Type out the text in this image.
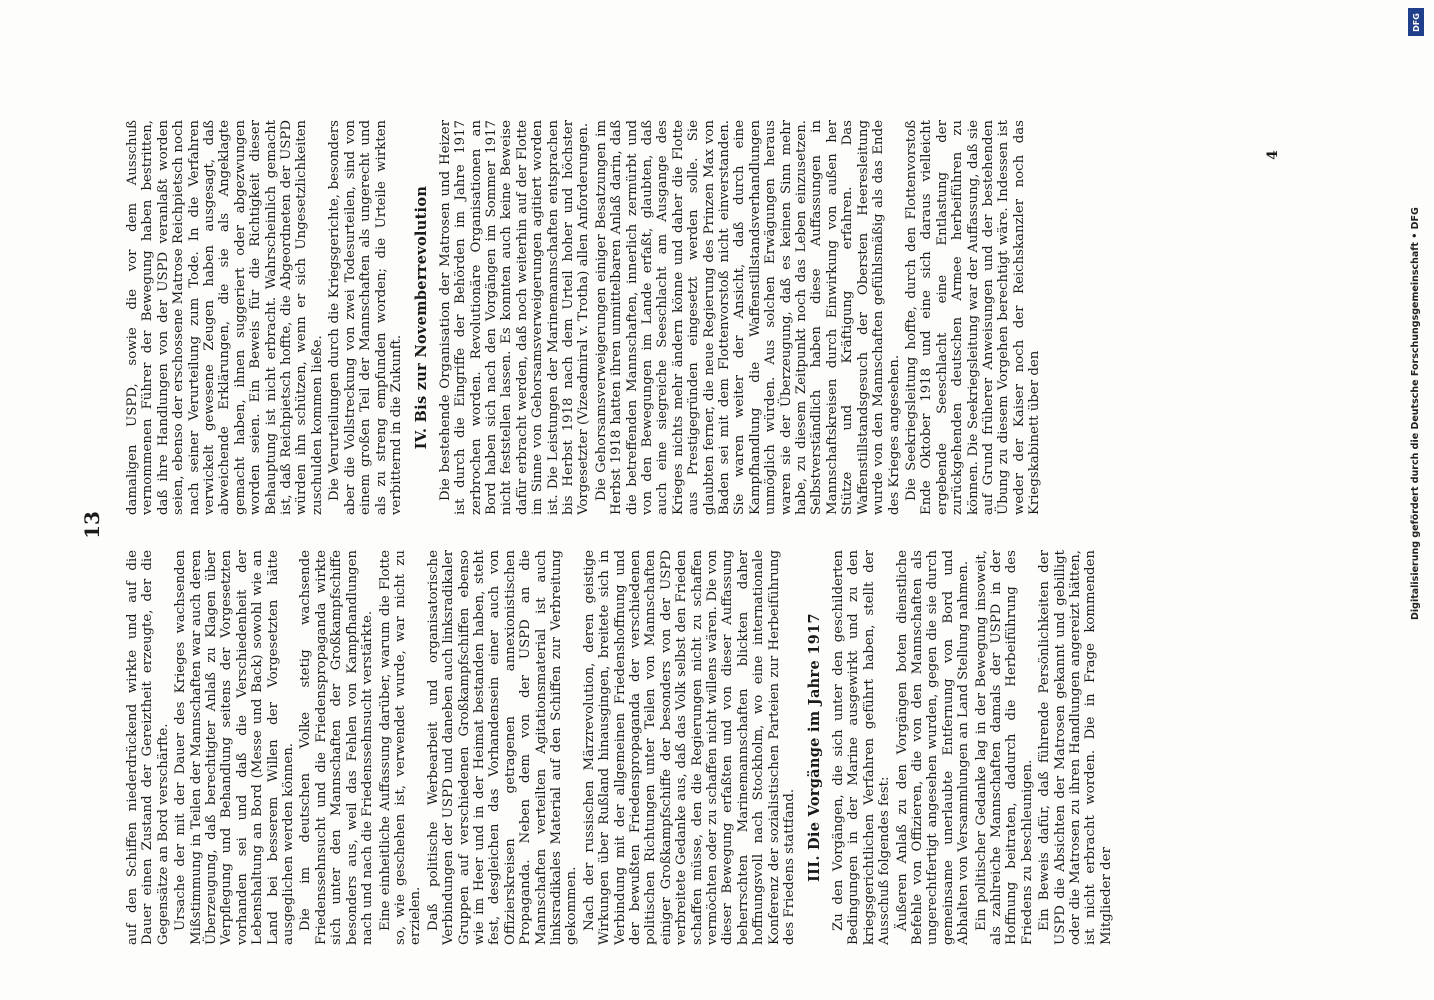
13

auf den Schiffen niederdrückend wirkte und auf die Dauer einen Zustand der Gereiztheit erzeugte, der die Gegensätze an Bord verschärfte. Ursache der mit der Dauer des Krieges wachsenden Mißstimmung in Teilen der Mannschaften war auch deren Überzeugung, daß berechtigter Anlaß zu Klagen über Verpflegung und Behandlung seitens der Vorgesetzten vorhanden sei und daß die Verschiedenheit der Lebenshaltung an Bord (Messe und Back) sowohl wie an Land bei besserem Willen der Vorgesetzten hätte ausgeglichen werden können. Die im deutschen Volke stetig wachsende Friedenssehnsucht und die Friedenspropaganda wirkte sich unter den Mannschaften der Großkampfschiffe besonders aus, weil das Fehlen von Kampfhandlungen nach und nach die Friedenssehnsucht verstärkte. Eine einheitliche Auffassung darüber, warum die Flotte so, wie geschehen ist, verwendet wurde, war nicht zu erzielen. Daß politische Werbearbeit und organisatorische Verbindungen der USPD und daneben auch linksradikaler Gruppen auf verschiedenen Großkampfschiffen ebenso wie im Heer und in der Heimat bestanden haben, steht fest, desgleichen das Vorhandensein einer auch von Offizierskreisen getragenen annexionistischen Propaganda. Neben dem von der USPD an die Mannschaften verteilten Agitationsmaterial ist auch linksradikales Material auf den Schiffen zur Verbreitung gekommen. Nach der russischen Märzrevolution, deren geistige Wirkungen über Rußland hinausgingen, breitete sich in Verbindung mit der allgemeinen Friedenshoffnung und der bewußten Friedenspropaganda der verschiedenen politischen Richtungen unter Teilen von Mannschaften einiger Großkampfschiffe der besonders von der USPD verbreitete Gedanke aus, daß das Volk selbst den Frieden schaffen müsse, den die Regierungen nicht zu schaffen vermöchten oder zu schaffen nicht willens wären. Die von dieser Bewegung erfaßten und von dieser Auffassung beherrschten Marinemannschaften blickten daher hoffnungsvoll nach Stockholm, wo eine internationale Konferenz der sozialistischen Parteien zur Herbeiführung des Friedens stattfand. III. Die Vorgänge im Jahre 1917 Zu den Vorgängen, die sich unter den geschilderten Bedingungen in der Marine ausgewirkt und zu den kriegsgerichtlichen Verfahren geführt haben, stellt der Ausschuß folgendes fest: Äußeren Anlaß zu den Vorgängen boten dienstliche Befehle von Offizieren, die von den Mannschaften als ungerechtfertigt angesehen wurden, gegen die sie durch gemeinsame unerlaubte Entfernung von Bord und Abhalten von Versammlungen an Land Stellung nahmen. Ein politischer Gedanke lag in der Bewegung insoweit, als zahlreiche Mannschaften damals der USPD in der Hoffnung beitraten, dadurch die Herbeiführung des Friedens zu beschleunigen. Ein Beweis dafür, daß führende Persönlichkeiten der USPD die Absichten der Matrosen gekannt und gebilligt oder die Matrosen zu ihren Handlungen angereizt hätten, ist nicht erbracht worden. Die in Frage kommenden Mitglieder der

damaligen USPD, sowie die vor dem Ausschuß vernommenen Führer der Bewegung haben bestritten, daß ihre Handlungen von der USPD veranlaßt worden seien, ebenso der erschossene Matrose Reichpietsch noch nach seiner Verurteilung zum Tode. In die Verfahren verwickelt gewesene Zeugen haben ausgesagt, daß abweichende Erklärungen, die sie als Angeklagte gemacht haben, ihnen suggeriert oder abgezwungen worden seien. Ein Beweis für die Richtigkeit dieser Behauptung ist nicht erbracht. Wahrscheinlich gemacht ist, daß Reichpietsch hoffte, die Abgeordneten der USPD würden ihn schützen, wenn er sich Ungesetzlichkeiten zuschulden kommen ließe. Die Verurteilungen durch die Kriegsgerichte, besonders aber die Vollstreckung von zwei Todesurteilen, sind von einem großen Teil der Mannschaften als ungerecht und als zu streng empfunden worden; die Urteile wirkten verbitternd in die Zukunft. IV. Bis zur Novemberrevolution Die bestehende Organisation der Matrosen und Heizer ist durch die Eingriffe der Behörden im Jahre 1917 zerbrochen worden. Revolutionäre Organisationen an Bord haben sich nach den Vorgängen im Sommer 1917 nicht feststellen lassen. Es konnten auch keine Beweise dafür erbracht werden, daß noch weiterhin auf der Flotte im Sinne von Gehorsamsverweigerungen agitiert worden ist. Die Leistungen der Marinemannschaften entsprachen bis Herbst 1918 nach dem Urteil hoher und höchster Vorgesetzter (Vizeadmiral v. Trotha) allen Anforderungen. Die Gehorsamsverweigerungen einiger Besatzungen im Herbst 1918 hatten ihren unmittelbaren Anlaß darin, daß die betreffenden Mannschaften, innerlich zermürbt und von den Bewegungen im Lande erfaßt, glaubten, daß auch eine siegreiche Seeschlacht am Ausgange des Krieges nichts mehr ändern könne und daher die Flotte aus Prestigegründen eingesetzt werden solle. Sie glaubten ferner, die neue Regierung des Prinzen Max von Baden sei mit dem Flottenvorstoß nicht einverstanden. Sie waren weiter der Ansicht, daß durch eine Kampfhandlung die Waffenstillstandsverhandlungen unmöglich würden. Aus solchen Erwägungen heraus waren sie der Überzeugung, daß es keinen Sinn mehr habe, zu diesem Zeitpunkt noch das Leben einzusetzen. Selbstverständlich haben diese Auffassungen in Mannschaftskreisen durch Einwirkung von außen her Stütze und Kräftigung erfahren. Das Waffenstillstandsgesuch der Obersten Heeresleitung wurde von den Mannschaften gefühlsmäßig als das Ende des Krieges angesehen. Die Seekriegsleitung hoffte, durch den Flottenvorstoß Ende Oktober 1918 und eine sich daraus vielleicht ergebende Seeschlacht eine Entlastung der zurückgehenden deutschen Armee herbeiführen zu können. Die Seekriegsleitung war der Auffassung, daß sie auf Grund früherer Anweisungen und der bestehenden Übung zu diesem Vorgehen berechtigt wäre. Indessen ist weder der Kaiser noch der Reichskanzler noch das Kriegskabinett über den

4
DFG
Digitalisierung gefördert durch die Deutsche Forschungsgemeinschaft • DFG
